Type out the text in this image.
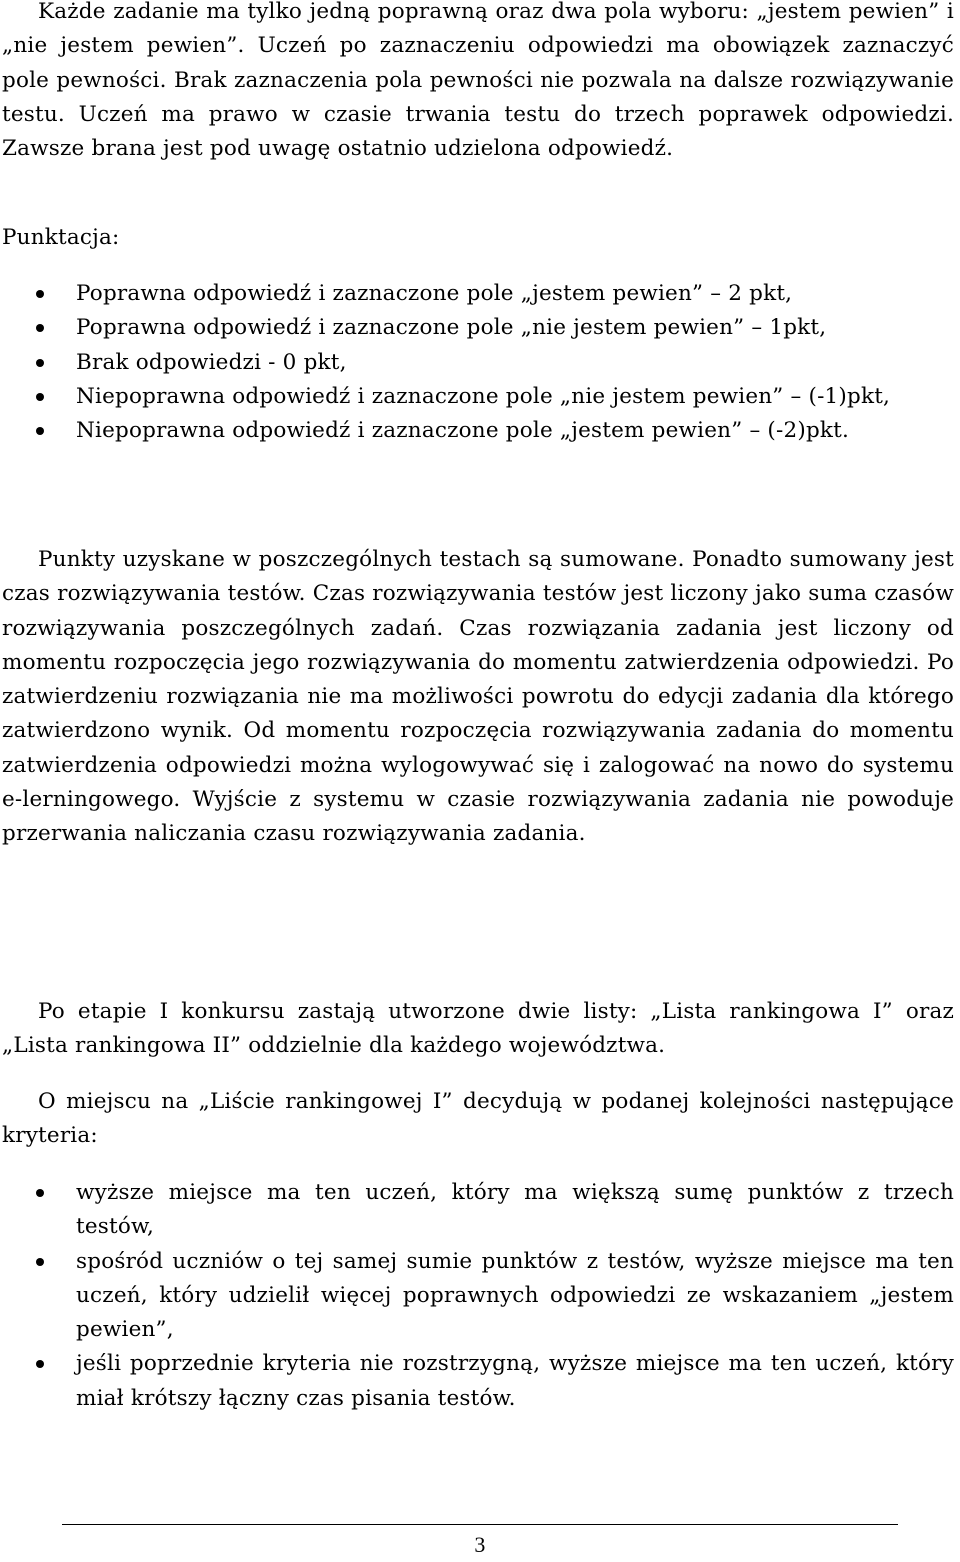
Każde zadanie ma tylko jedną poprawną oraz dwa pola wyboru: „jestem pewien” i „nie jestem pewien”. Uczeń po zaznaczeniu odpowiedzi ma obowiązek zaznaczyć pole pewności. Brak zaznaczenia pola pewności nie pozwala na dalsze rozwiązywanie testu. Uczeń ma prawo w czasie trwania testu do trzech poprawek odpowiedzi. Zawsze brana jest pod uwagę ostatnio udzielona odpowiedź.

Punktacja:

Poprawna odpowiedź i zaznaczone pole „jestem pewien” – 2 pkt,
Poprawna odpowiedź i zaznaczone pole „nie jestem pewien” – 1pkt,
Brak odpowiedzi - 0 pkt,
Niepoprawna odpowiedź i zaznaczone pole „nie jestem pewien” – (-1)pkt,
Niepoprawna odpowiedź i zaznaczone pole „jestem pewien” – (-2)pkt.

Punkty uzyskane w poszczególnych testach są sumowane. Ponadto sumowany jest czas rozwiązywania testów. Czas rozwiązywania testów jest liczony jako suma czasów rozwiązywania poszczególnych zadań. Czas rozwiązania zadania jest liczony od momentu rozpoczęcia jego rozwiązywania do momentu zatwierdzenia odpowiedzi. Po zatwierdzeniu rozwiązania nie ma możliwości powrotu do edycji zadania dla którego zatwierdzono wynik. Od momentu rozpoczęcia rozwiązywania zadania do momentu zatwierdzenia odpowiedzi można wylogowywać się i zalogować na nowo do systemu e-lerningowego. Wyjście z systemu w czasie rozwiązywania zadania nie powoduje przerwania naliczania czasu rozwiązywania zadania.

Po etapie I konkursu zastają utworzone dwie listy: „Lista rankingowa I” oraz „Lista rankingowa II” oddzielnie dla każdego województwa.

O miejscu na „Liście rankingowej I” decydują w podanej kolejności następujące kryteria:

wyższe miejsce ma ten uczeń, który ma większą sumę punktów z trzech testów,
spośród uczniów o tej samej sumie punktów z testów, wyższe miejsce ma ten uczeń, który udzielił więcej poprawnych odpowiedzi ze wskazaniem „jestem pewien”,
jeśli poprzednie kryteria nie rozstrzygną, wyższe miejsce ma ten uczeń, który miał krótszy łączny czas pisania testów.
3
